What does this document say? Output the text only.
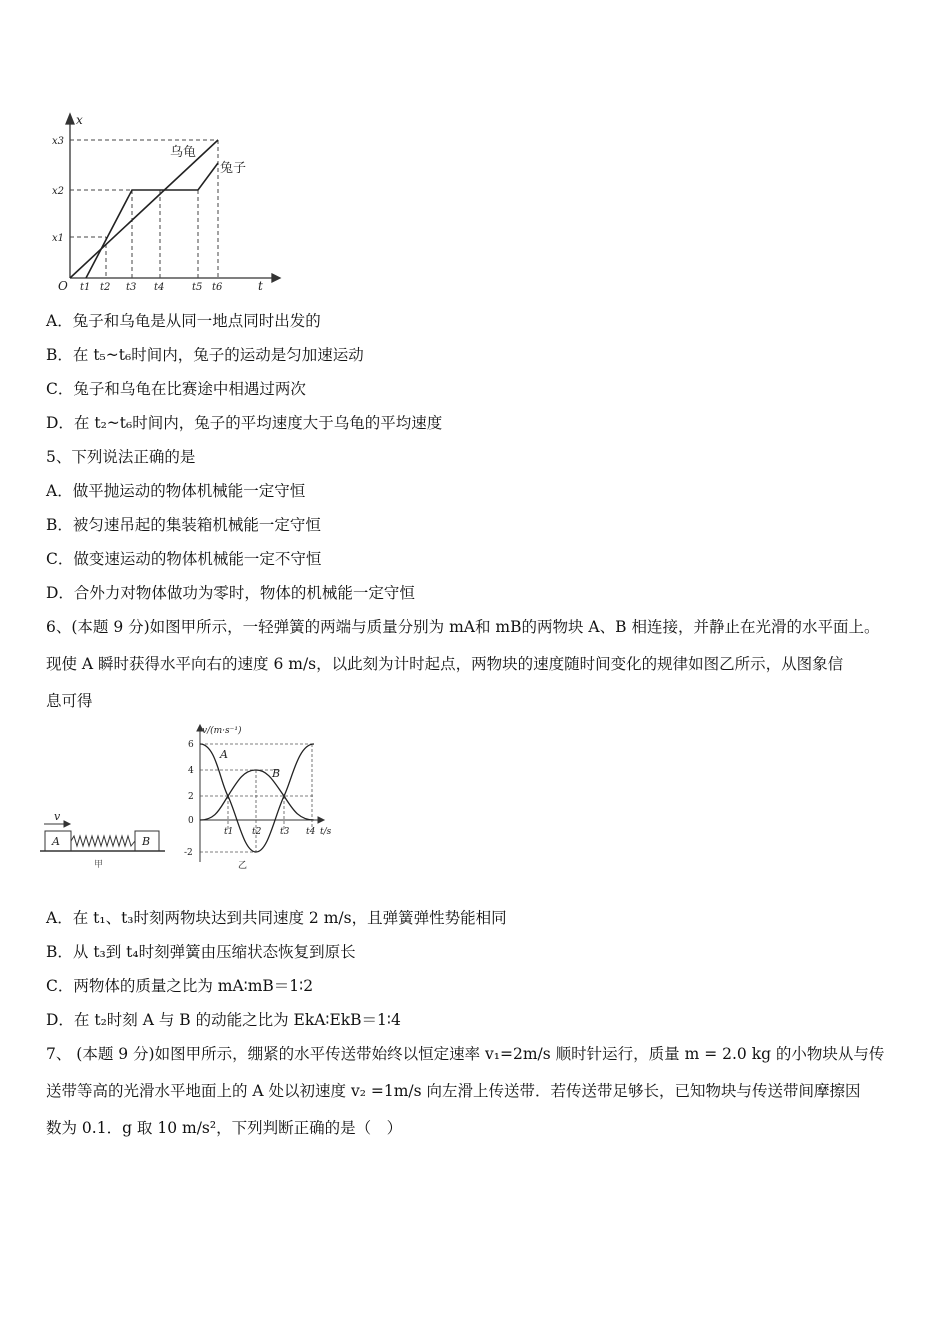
t
x
O
x3
x2
x1
t1 t2 t3 t4	t5 t6
乌龟
兔子
A．兔子和乌龟是从同一地点同时出发的
B．在 t₅~t₆时间内，兔子的运动是匀加速运动
C．兔子和乌龟在比赛途中相遇过两次
D．在 t₂~t₆时间内，兔子的平均速度大于乌龟的平均速度
5、下列说法正确的是
A．做平抛运动的物体机械能一定守恒
B．被匀速吊起的集装箱机械能一定守恒
C．做变速运动的物体机械能一定不守恒
D．合外力对物体做功为零时，物体的机械能一定守恒
6、(本题 9 分)如图甲所示，一轻弹簧的两端与质量分别为 mA和 mB的两物块 A、B 相连接，并静止在光滑的水平面上。
现使 A 瞬时获得水平向右的速度 6 m/s，以此刻为计时起点，两物块的速度随时间变化的规律如图乙所示，从图象信
息可得
v
A	B
甲
v/(m·s⁻¹)
t/s
6
4
2
0
-2
t1 t2 t3 t4
A
B
乙
A．在 t₁、t₃时刻两物块达到共同速度 2 m/s，且弹簧弹性势能相同
B．从 t₃到 t₄时刻弹簧由压缩状态恢复到原长
C．两物体的质量之比为 mA∶mB＝1∶2
D．在 t₂时刻 A 与 B 的动能之比为 EkA∶EkB＝1∶4
7、 (本题 9 分)如图甲所示，绷紧的水平传送带始终以恒定速率 v₁=2m/s 顺时针运行，质量 m = 2.0 kg 的小物块从与传
送带等高的光滑水平地面上的 A 处以初速度 v₂ =1m/s 向左滑上传送带．若传送带足够长，已知物块与传送带间摩擦因
数为 0.1．g 取 10 m/s²，下列判断正确的是（　）
